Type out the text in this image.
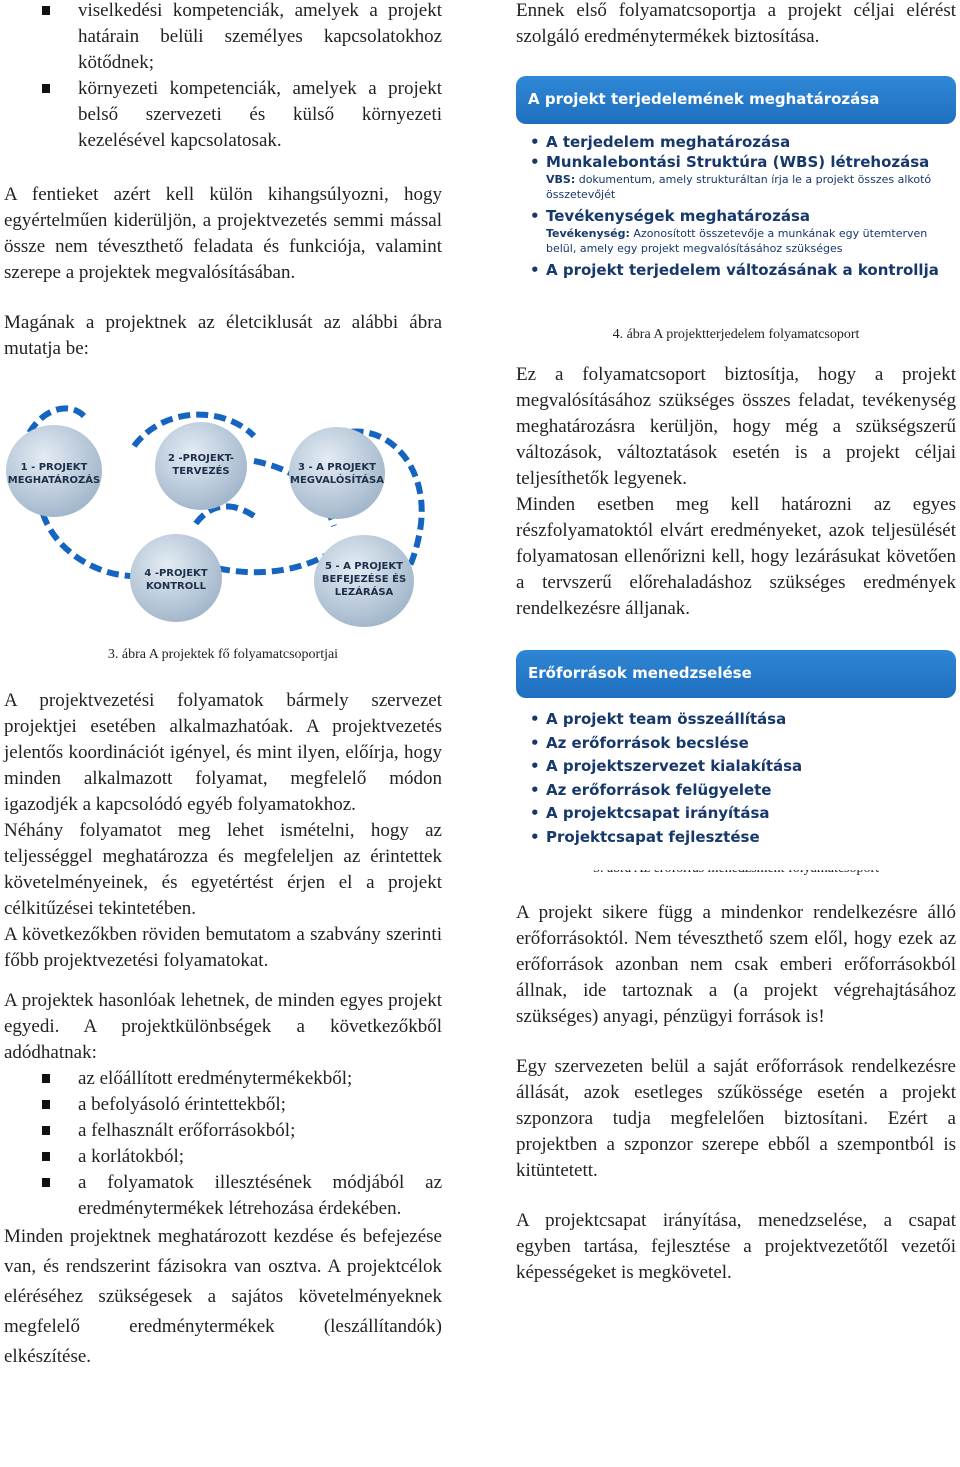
viselkedési kompetenciák, amelyek a projekt határain belüli személyes kapcsolatokhoz kötődnek;
környezeti kompetenciák, amelyek a projekt belső szervezeti és külső környezeti kezelésével kapcsolatosak.

A fentieket azért kell külön kihangsúlyozni, hogy egyértelműen kiderüljön, a projektvezetés semmi mással össze nem téveszthető feladata és funkciója, valamint szerepe a projektek megvalósításában.

Magának a projektnek az életciklusát az alábbi ábra mutatja be:

1 - PROJEKT
MEGHATÁROZÁS
2 -PROJEKT-
TERVEZÉS	3 - A PROJEKT
MEGVALÓSÍTÁSA
4 -PROJEKT
KONTROLL
5 - A PROJEKT
BEFEJEZÉSE ÉS
LEZÁRÁSA
3. ábra A projektek fő folyamatcsoportjai

A projektvezetési folyamatok bármely szervezet projektjei esetében alkalmazhatóak. A projektvezetés jelentős koordinációt igényel, és mint ilyen, előírja, hogy minden alkalmazott folyamat, megfelelő módon igazodjék a kapcsolódó egyéb folyamatokhoz.

Néhány folyamatot meg lehet ismételni, hogy az teljességgel meghatározza és megfeleljen az érintettek követelményeinek, és egyetértést érjen el a projekt célkitűzései tekintetében.

A következőkben röviden bemutatom a szabvány szerinti főbb projektvezetési folyamatokat.

A projektek hasonlóak lehetnek, de minden egyes projekt egyedi. A projektkülönbségek a következőkből adódhatnak:

az előállított eredménytermékekből;
a befolyásoló érintettekből;
a felhasznált erőforrásokból;
a korlátokból;
a folyamatok illesztésének módjából az eredménytermékek létrehozása érdekében.

Minden projektnek meghatározott kezdése és befejezése van, és rendszerint fázisokra van osztva. A projektcélok eléréséhez szükségesek a sajátos követelményeknek megfelelő eredménytermékek (leszállítandók) elkészítése.

Ennek első folyamatcsoportja a projekt céljai elérést szolgáló eredménytermékek biztosítása.

A projekt terjedelemének meghatározása
• A terjedelem meghatározása
• Munkalebontási Struktúra (WBS) létrehozása
VBS: dokumentum, amely strukturáltan írja le a projekt összes alkotó összetevőjét
• Tevékenységek meghatározása
Tevékenység: Azonosított összetevője a munkának egy ütemterven belül, amely egy projekt megvalósításához szükséges
• A projekt terjedelem változásának a kontrollja
4. ábra A projektterjedelem folyamatcsoport

Ez a folyamatcsoport biztosítja, hogy a projekt megvalósításához szükséges összes feladat, tevékenység meghatározásra kerüljön, hogy még a szükségszerű változások, változtatások esetén is a projekt céljai teljesíthetők legyenek.

Minden esetben meg kell határozni az egyes részfolyamatoktól elvárt eredményeket, azok teljesülését folyamatosan ellenőrizni kell, hogy lezárásukat követően a tervszerű előrehaladáshoz szükséges eredmények rendelkezésre álljanak.

Erőforrások menedzselése
• A projekt team összeállítása
• Az erőforrások becslése
• A projektszervezet kialakítása
• Az erőforrások felügyelete
• A projektcsapat irányítása
• Projektcsapat fejlesztése

A projekt sikere függ a mindenkor rendelkezésre álló erőforrásoktól. Nem téveszthető szem elől, hogy ezek az erőforrások azonban nem csak emberi erőforrásokból állnak, ide tartoznak a (a projekt végrehajtásához szükséges) anyagi, pénzügyi források is!

Egy szervezeten belül a saját erőforrások rendelkezésre állását, azok esetleges szűkössége esetén a projekt szponzora tudja megfelelően biztosítani. Ezért a projektben a szponzor szerepe ebből a szempontból is kitüntetett.

A projektcsapat irányítása, menedzselése, a csapat egyben tartása, fejlesztése a projektvezetőtől vezetői képességeket is megkövetel.
